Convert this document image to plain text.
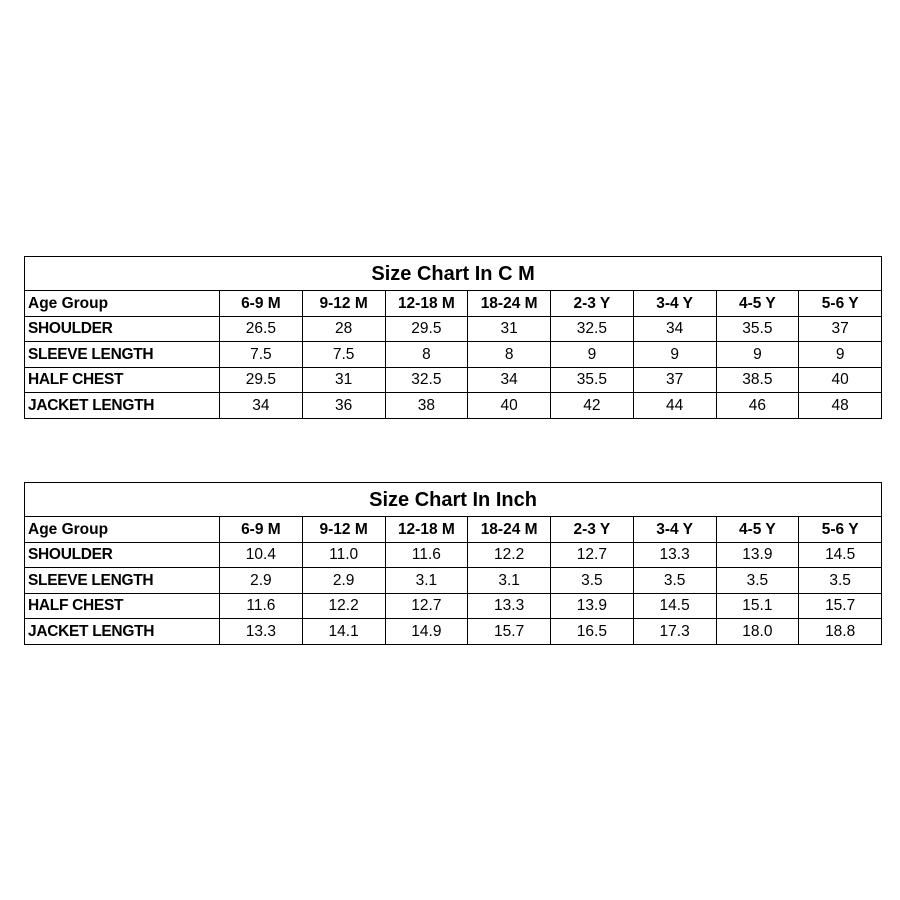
Size Chart In C M								
Age Group	6-9 M	9-12 M	12-18 M	18-24 M	2-3 Y	3-4 Y	4-5 Y	5-6 Y
SHOULDER	26.5	28	29.5	31	32.5	34	35.5	37
SLEEVE LENGTH	7.5	7.5	8	8	9	9	9	9
HALF CHEST	29.5	31	32.5	34	35.5	37	38.5	40
JACKET LENGTH	34	36	38	40	42	44	46	48
Size Chart In Inch								
Age Group	6-9 M	9-12 M	12-18 M	18-24 M	2-3 Y	3-4 Y	4-5 Y	5-6 Y
SHOULDER	10.4	11.0	11.6	12.2	12.7	13.3	13.9	14.5
SLEEVE LENGTH	2.9	2.9	3.1	3.1	3.5	3.5	3.5	3.5
HALF CHEST	11.6	12.2	12.7	13.3	13.9	14.5	15.1	15.7
JACKET LENGTH	13.3	14.1	14.9	15.7	16.5	17.3	18.0	18.8
